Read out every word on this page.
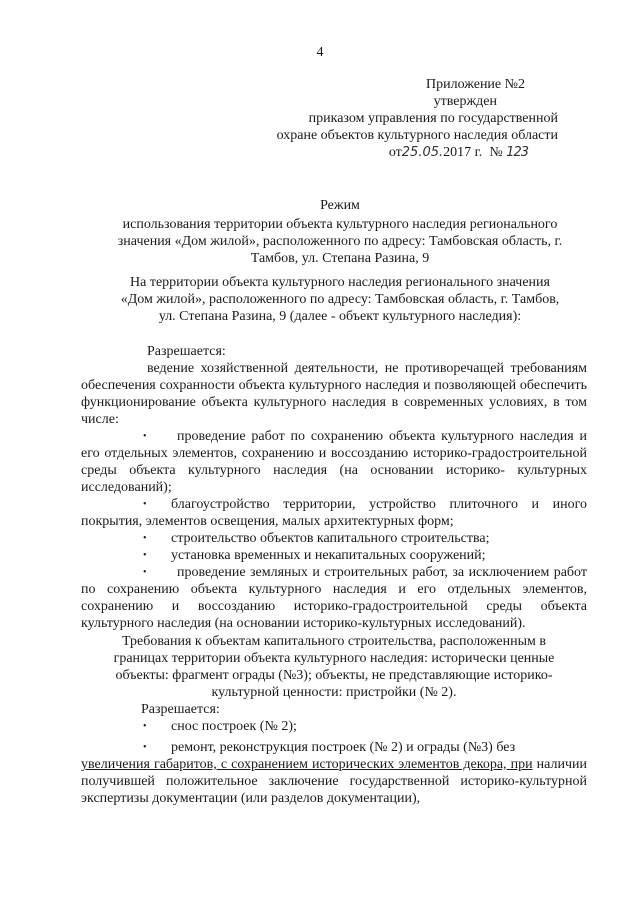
4
Приложение №2
утвержден
приказом управления по государственной
охране объектов культурного наследия области
от25.05.2017 г. № 123
Режим
использования территории объекта культурного наследия регионального
значения «Дом жилой», расположенного по адресу: Тамбовская область, г.
Тамбов, ул. Степана Разина, 9
На территории объекта культурного наследия регионального значения
«Дом жилой», расположенного по адресу: Тамбовская область, г. Тамбов,
ул. Степана Разина, 9 (далее - объект культурного наследия):

Разрешается:

ведение хозяйственной деятельности, не противоречащей требованиям обеспечения сохранности объекта культурного наследия и позволяющей обеспечить функционирование объекта культурного наследия в современных условиях, в том числе:

•	проведение работ по сохранению объекта культурного наследия и его отдельных элементов, сохранению и воссозданию историко-градостроительной среды объекта культурного наследия (на основании историко- культурных исследований);

•	благоустройство территории, устройство плиточного и иного покрытия, элементов освещения, малых архитектурных форм;

•	строительство объектов капитального строительства;

•	установка временных и некапитальных сооружений;

•	проведение земляных и строительных работ, за исключением работ по сохранению объекта культурного наследия и его отдельных элементов, сохранению и воссозданию историко-градостроительной среды объекта культурного наследия (на основании историко-культурных исследований).

Требования к объектам капитального строительства, расположенным в
границах территории объекта культурного наследия: исторически ценные
объекты: фрагмент ограды (№3); объекты, не представляющие историко-
культурной ценности: пристройки (№ 2).

Разрешается:

•	снос построек (№ 2);

•	ремонт, реконструкция построек (№ 2) и ограды (№3) без

увеличения габаритов, с сохранением исторических элементов декора, при наличии получившей положительное заключение государственной историко-культурной экспертизы документации (или разделов документации),
